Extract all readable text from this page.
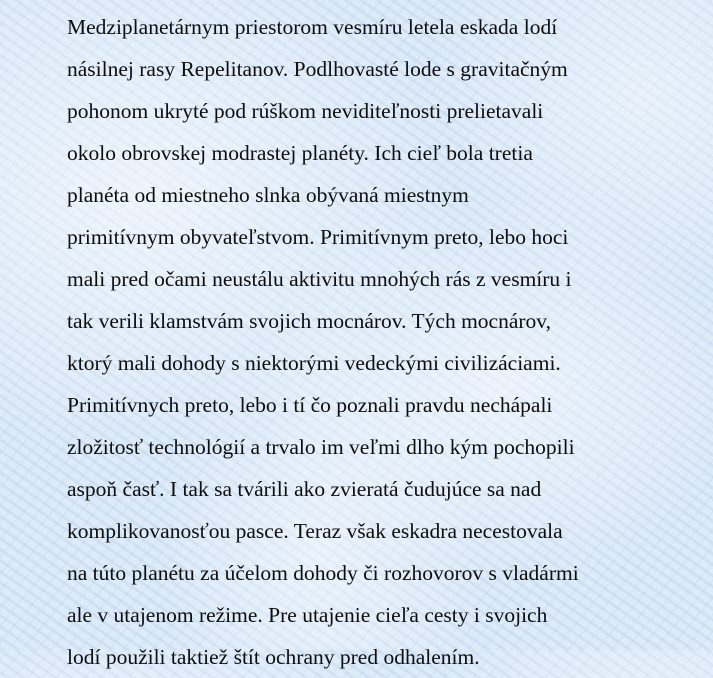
Medziplanetárnym priestorom vesmíru letela eskada lodí
násilnej rasy Repelitanov. Podlhovasté lode s gravitačným
pohonom ukryté pod rúškom neviditeľnosti prelietavali
okolo obrovskej modrastej planéty. Ich cieľ bola tretia
planéta od miestneho slnka obývaná miestnym
primitívnym obyvateľstvom. Primitívnym preto, lebo hoci
mali pred očami neustálu aktivitu mnohých rás z vesmíru i
tak verili klamstvám svojich mocnárov. Tých mocnárov,
ktorý mali dohody s niektorými vedeckými civilizáciami.
Primitívnych preto, lebo i tí čo poznali pravdu nechápali
zložitosť technológií a trvalo im veľmi dlho kým pochopili
aspoň časť. I tak sa tvárili ako zvieratá čudujúce sa nad
komplikovanosťou pasce. Teraz však eskadra necestovala
na túto planétu za účelom dohody či rozhovorov s vladármi
ale v utajenom režime. Pre utajenie cieľa cesty i svojich
lodí použili taktiež štít ochrany pred odhalením.
